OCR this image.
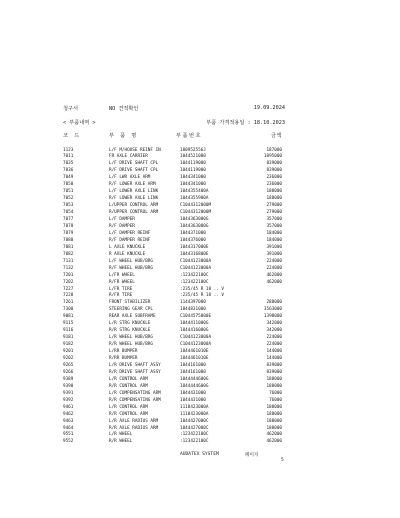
청구서	NO 견적확인	19.09.2024
< 부품내역 >	부품 가격적용일 : 18.10.2023
코 드	부 품 명	부품번호	금액
1123	L/F M/HOUSE REINF IN	180952556J	187000
7011	FR AXLE CARRIER	1044521000	1095000
7035	L/F DRIVE SHAFT CPL	1044119000	839000
7036	R/F DRIVE SHAFT CPL	1044119000	839000
7049	L/F LWR AXLE ARM	1044341000	236000
7050	R/F LOWER AXLE ARM	1044341000	236000
7051	L/F LOWER AXLE LINK	1044355400A	188000
7052	R/F LOWER AXLE LINK	1044355900A	188000
7053	L/UPPER CONTROL ARM	C1044312000M	279000
7054	R/UPPER CONTROL ARM	C1044312000M	279000
7077	L/F DAMPER	1044363000G	357000
7078	R/F DAMPER	1044363000G	357000
7079	L/F DAMPER REINF	1044371000	184000
7080	R/F DAMPER REINF	1044376000	184000
7081	L AXLE KNUCKLE	1044317000E	391000
7082	R AXLE KNUCKLE	1044316800E	391000
7131	L/F WHEEL HUB/BRG	C1044123000A	224000
7132	R/F WHEEL HUB/BRG	C1044123000A	224000
7201	L/FR WHEEL	:123422100C	462000
7202	R/FR WHEEL	:123422100C	462000
7227	L/FR TIRE	:235/45 R 18 .. V
7228	R/FR TIRE	:235/45 R 18 .. V
7261	FRONT STABILIZER	1144397000	288000
7300	STEERING GEAR CPL	1044831000	3563000
9081	REAR AXLE SUBFRAME	C1044575000E	1398000
9115	L/R STRG KNUCKLE	1044411000G	342000
9116	R/R STRG KNUCKLE	1044416000G	342000
9181	L/R WHEEL HUB/BRG	C1044123000A	224000
9182	R/R WHEEL HUB/BRG	C1044123000A	224000
9201	L/RR BUMPER	1044461010E	144000
9202	R/RR BUMPER	1044461010E	144000
9265	L/R DRIVE SHAFT ASSY	1044161000	839000
9266	R/R DRIVE SHAFT ASSY	1044161000	839000
9389	L/R CONTROL ARM	1044444600G	188000
9390	R/R CONTROL ARM	1044444600G	188000
9391	L/R COMPENSATING ARM	1044431000	76000
9392	R/R COMPENSATING ARM	1044431000	76000
9461	L/R CONTROL ARM	1118423000A	188000
9462	R/R CONTROL ARM	1118423000A	188000
9463	L/R AXLE RADIUS ARM	1044427000C	188000
9464	R/R AXLE RADIUS ARM	1044427000C	188000
9551	L/R WHEEL	:123422100C	462000
9552	R/R WHEEL	:123422100C	462000
AUDATEX SYSTEM	페이지
5
